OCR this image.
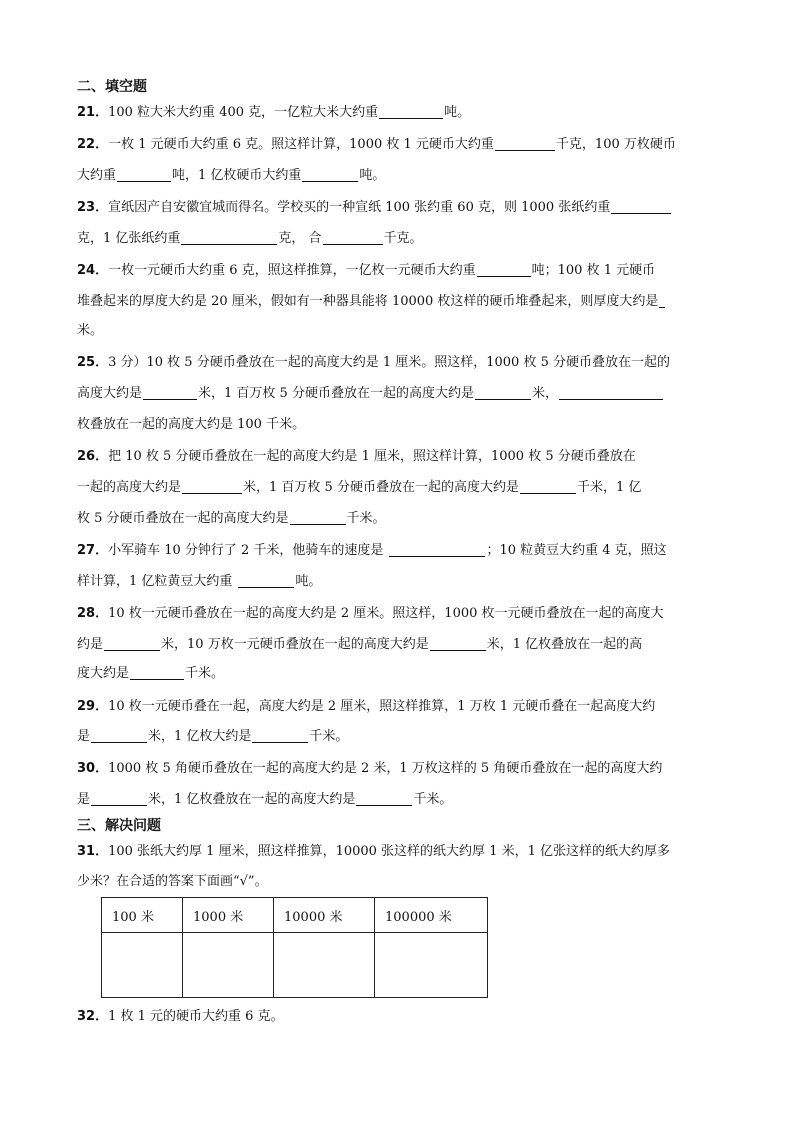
二、填空题
21．100 粒大米大约重 400 克，一亿粒大米大约重	吨。
22．一枚 1 元硬币大约重 6 克。照这样计算，1000 枚 1 元硬币大约重	千克，100 万枚硬币
大约重	吨，1 亿枚硬币大约重	吨。
23．宣纸因产自安徽宜城而得名。学校买的一种宣纸 100 张约重 60 克，则 1000 张纸约重
克，1 亿张纸约重	克， 合	千克。
24．一枚一元硬币大约重 6 克，照这样推算，一亿枚一元硬币大约重	吨；100 枚 1 元硬币
堆叠起来的厚度大约是 20 厘米，假如有一种器具能将 10000 枚这样的硬币堆叠起来，则厚度大约是
米。
25．3 分）10 枚 5 分硬币叠放在一起的高度大约是 1 厘米。照这样，1000 枚 5 分硬币叠放在一起的
高度大约是	米，1 百万枚 5 分硬币叠放在一起的高度大约是	米，
枚叠放在一起的高度大约是 100 千米。
26．把 10 枚 5 分硬币叠放在一起的高度大约是 1 厘米，照这样计算，1000 枚 5 分硬币叠放在
一起的高度大约是	米，1 百万枚 5 分硬币叠放在一起的高度大约是	千米，1 亿
枚 5 分硬币叠放在一起的高度大约是	千米。
27．小军骑车 10 分钟行了 2 千米，他骑车的速度是	；10 粒黄豆大约重 4 克，照这
样计算，1 亿粒黄豆大约重	吨。
28．10 枚一元硬币叠放在一起的高度大约是 2 厘米。照这样，1000 枚一元硬币叠放在一起的高度大
约是	米，10 万枚一元硬币叠放在一起的高度大约是	米，1 亿枚叠放在一起的高
度大约是	千米。
29．10 枚一元硬币叠在一起，高度大约是 2 厘米，照这样推算，1 万枚 1 元硬币叠在一起高度大约
是	米，1 亿枚大约是	千米。
30．1000 枚 5 角硬币叠放在一起的高度大约是 2 米，1 万枚这样的 5 角硬币叠放在一起的高度大约
是	米，1 亿枚叠放在一起的高度大约是	千米。
三、解决问题
31．100 张纸大约厚 1 厘米，照这样推算，10000 张这样的纸大约厚 1 米，1 亿张这样的纸大约厚多
少米？在合适的答案下面画“√”。
100 米	1000 米	10000 米	100000 米

32．1 枚 1 元的硬币大约重 6 克。
